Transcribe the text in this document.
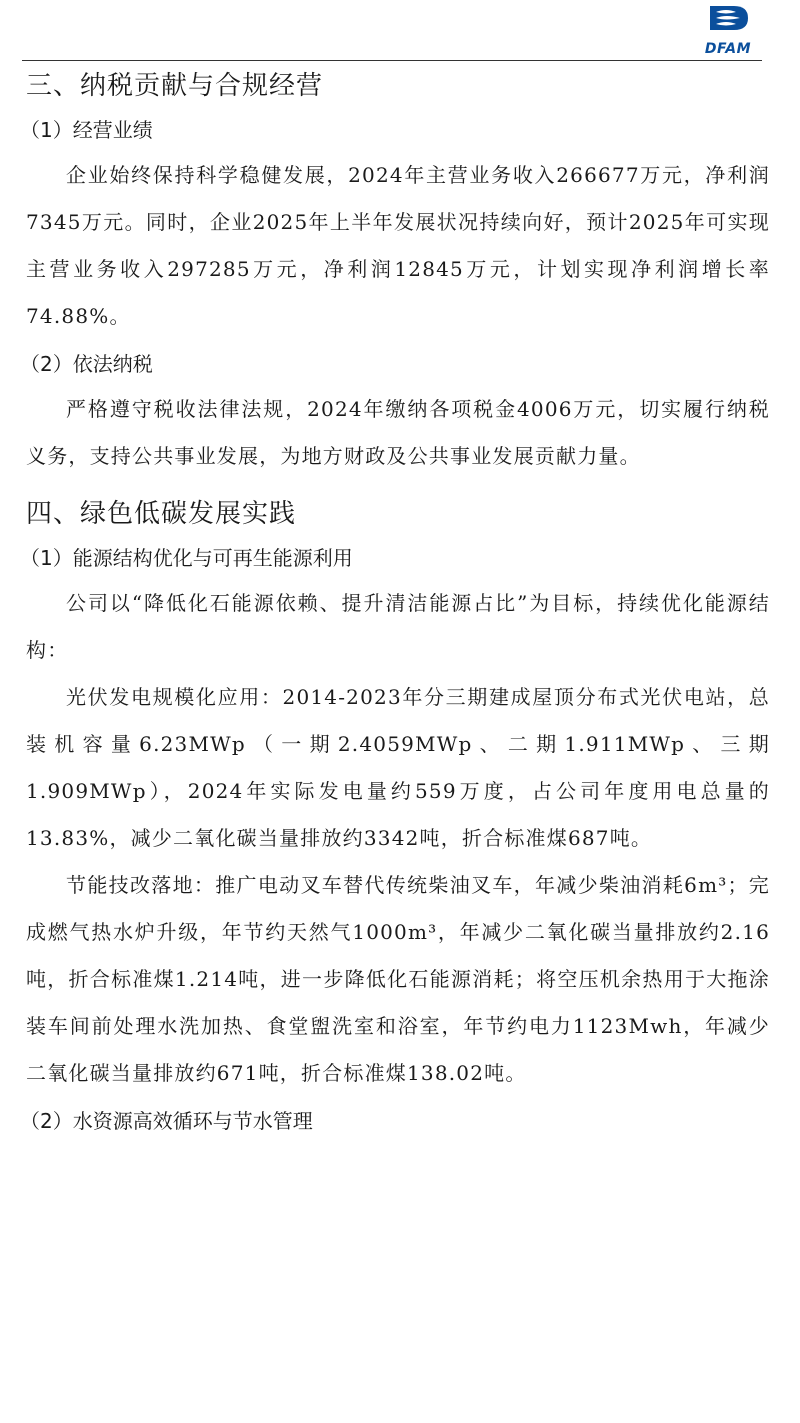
DFAM
三、纳税贡献与合规经营
（1）经营业绩

企业始终保持科学稳健发展，2024年主营业务收入266677万元，净利润7345万元。同时，企业2025年上半年发展状况持续向好，预计2025年可实现主营业务收入297285万元，净利润12845万元，计划实现净利润增长率74.88%。

（2）依法纳税

严格遵守税收法律法规，2024年缴纳各项税金4006万元，切实履行纳税义务，支持公共事业发展，为地方财政及公共事业发展贡献力量。

四、绿色低碳发展实践
（1）能源结构优化与可再生能源利用

公司以“降低化石能源依赖、提升清洁能源占比”为目标，持续优化能源结构：

光伏发电规模化应用：2014-2023年分三期建成屋顶分布式光伏电站，总装机容量6.23MWp（一期2.4059MWp、二期1.911MWp、三期1.909MWp），2024年实际发电量约559万度，占公司年度用电总量的13.83%，减少二氧化碳当量排放约3342吨，折合标准煤687吨。

节能技改落地：推广电动叉车替代传统柴油叉车，年减少柴油消耗6m³；完成燃气热水炉升级，年节约天然气1000m³，年减少二氧化碳当量排放约2.16吨，折合标准煤1.214吨，进一步降低化石能源消耗；将空压机余热用于大拖涂装车间前处理水洗加热、食堂盥洗室和浴室，年节约电力1123Mwh，年减少二氧化碳当量排放约671吨，折合标准煤138.02吨。

（2）水资源高效循环与节水管理
